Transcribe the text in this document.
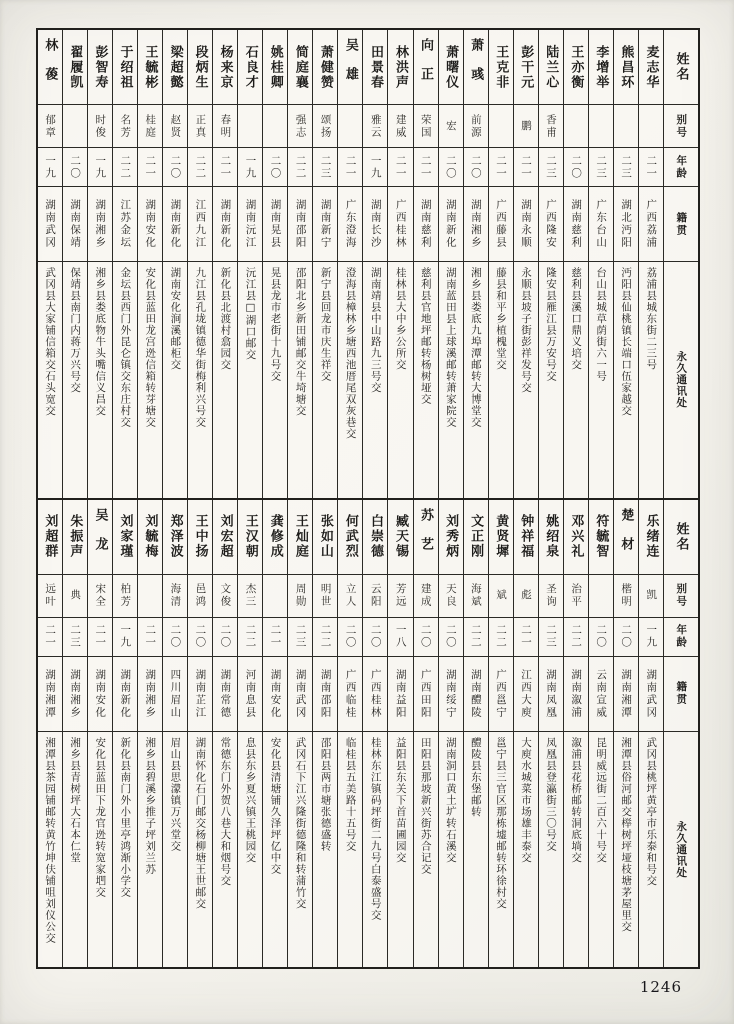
姓名
别号
年龄
籍贯
永久通讯处
麦志华
二一
广西荔浦
荔浦县城东街二三号
熊昌环
二三
湖北沔阳
沔阳县仙桃镇长端口伍家越交
李增举
二三
广东台山
台山县城草荫街六一号
王亦衡
二〇
湖南慈利
慈利县溪口鼎义培交
陆兰心
香甫
二三
广西隆安
隆安县雁江县万安号交
彭干元
鹏
二一
湖南永顺
永顺县坡子街彭祥发号交
王克非
二一
广西藤县
藤县和平乡植槐堂交
萧彧
前源
二〇
湖南湘乡
湘乡县娄底九埠潭邮转大博堂交
萧曙仪
宏
二〇
湖南新化
湖南蓝田县上球溪邮转萧家院交
向正
荣国
二一
湖南慈利
慈利县官地坪邮转杨树垭交
林洪声
建威
二一
广西桂林
桂林县大中乡公所交
田景春
雅云
一九
湖南长沙
湖南靖县中山路九三号交
吴雄
二一
广东澄海
澄海县樟林乡塘西池厝尾双灰巷交
萧健赞
颂扬
二三
湖南新宁
新宁县回龙市庆生祥交
简庭襄
强志
二二
湖南邵阳
邵阳北乡新田铺邮交牛埼塘交
姚桂卿
二〇
湖南晃县
晃县龙市老街十九号交
石良才
一九
湖南沅江
沅江县□湖口邮交
杨来京
春明
二一
湖南新化
新化县北渡村翕园交
段炳生
正真
二二
江西九江
九江县孔垅镇德华街梅利兴号交
梁超懿
赵贤
二〇
湖南新化
湖南安化涧溪邮柜交
王毓彬
桂庭
二一
湖南安化
安化县蓝田龙宫迯信箱转芽塘交
于绍祖
名芳
二二
江苏金坛
金坛县西门外昆仑镇交东庄村交
彭智寿
时俊
一九
湖南湘乡
湘乡县娄底物牛头嘴信义昌交
翟履凯
二〇
湖南保靖
保靖县南门内蒋万兴号交
林葰
郁章
一九
湖南武冈
武冈县大家铺信箱交石头宽交
姓名
别号
年龄
籍贯
永久通讯处
乐绪连
凯
一九
湖南武冈
武冈县桃坪黄亭市乐泰和号交
楚材
楷明
二〇
湖南湘潭
湘潭县俗河邮交榉树坪垭枝塘茅屋里交
符毓智
二〇
云南宣威
昆明威远街二百六十号交
邓兴礼
治平
二二
湖南溆浦
溆浦县花桥邮转洞底埫交
姚绍泉
圣询
二三
湖南凤凰
凤凰县登瀛街三〇号交
钟祥福
彪
二一
江西大庾
大庾水城菜市场雄丰泰交
黄贤墀
斌
二二
广西邕宁
邕宁县三官区那栋墟邮转环徐村交
文正刚
海斌
二二
湖南醴陵
醴陵县东堡邮转
刘秀炳
天良
二〇
湖南绥宁
湖南洞口黄土圹转石溪交
苏艺
建成
二〇
广西田阳
田阳县那坡新兴街苏合记交
臧天锡
芳远
一八
湖南益阳
益阳县东关下首苗圃园交
白崇德
云阳
二〇
广西桂林
桂林东江镇码坪街二九号白泰盛号交
何武烈
立人
二〇
广西临桂
临桂县五美路十五号交
张如山
明世
二二
湖南邵阳
邵阳县两市塘张德盛转
王灿庭
周勋
二三
湖南武冈
武冈石下江兴隆街德隆和转蒲竹交
龚修成
二一
湖南安化
安化县清塘铺久泽坪亿中交
王汉朝
杰三
二二
河南息县
息县东乡夏兴镇王桃园交
刘宏超
文俊
二〇
湖南常德
常德东门外贺八巷大和烟号交
王中扬
邑鸿
二〇
湖南芷江
湖南怀化石门邮交杨柳塘王世邮交
郑泽波
海清
二〇
四川眉山
眉山县思濛镇万兴堂交
刘毓梅
二一
湖南湘乡
湘乡县碧溪乡推子坪刘兰苏
刘家瑾
柏芳
一九
湖南新化
新化县南门外小里亭鸿渐小学交
吴龙
宋全
二一
湖南安化
安化县蓝田下龙官迯转宽家垇交
朱振声
典
二三
湖南湘乡
湘乡县青树坪大石本仁堂
刘超群
远叶
二一
湖南湘潭
湘潭县茶园铺邮转黄竹坤伕铺咀刘仪公交
1246
